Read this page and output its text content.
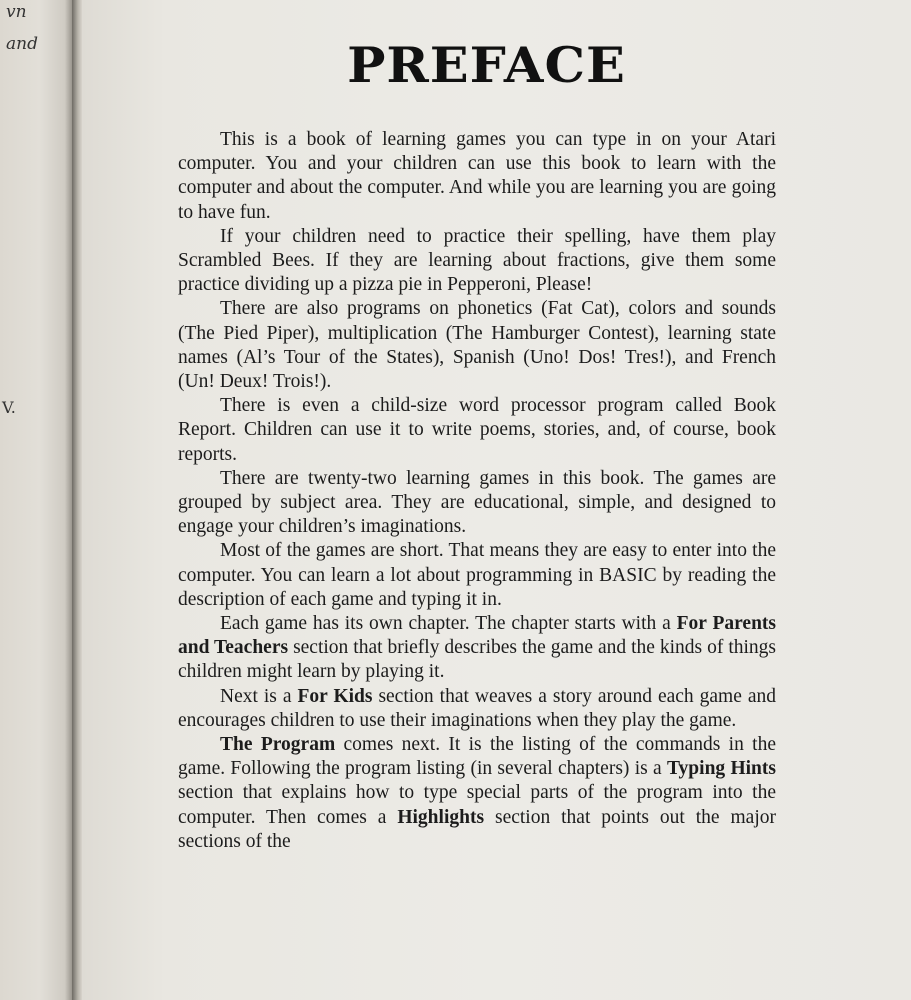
vn
and
V.
PREFACE

This is a book of learning games you can type in on your Atari computer. You and your children can use this book to learn with the computer and about the computer. And while you are learning you are going to have fun.

If your children need to practice their spelling, have them play Scrambled Bees. If they are learning about fractions, give them some practice dividing up a pizza pie in Pepperoni, Please!

There are also programs on phonetics (Fat Cat), colors and sounds (The Pied Piper), multiplication (The Hamburger Contest), learning state names (Al’s Tour of the States), Spanish (Uno! Dos! Tres!), and French (Un! Deux! Trois!).

There is even a child-size word processor program called Book Report. Children can use it to write poems, stories, and, of course, book reports.

There are twenty-two learning games in this book. The games are grouped by subject area. They are educational, simple, and designed to engage your children’s imaginations.

Most of the games are short. That means they are easy to enter into the computer. You can learn a lot about programming in BASIC by reading the description of each game and typing it in.

Each game has its own chapter. The chapter starts with a For Parents and Teachers section that briefly describes the game and the kinds of things children might learn by playing it.

Next is a For Kids section that weaves a story around each game and encourages children to use their imaginations when they play the game.

The Program comes next. It is the listing of the commands in the game. Following the program listing (in several chapters) is a Typing Hints section that explains how to type special parts of the program into the computer. Then comes a Highlights section that points out the major sections of the
